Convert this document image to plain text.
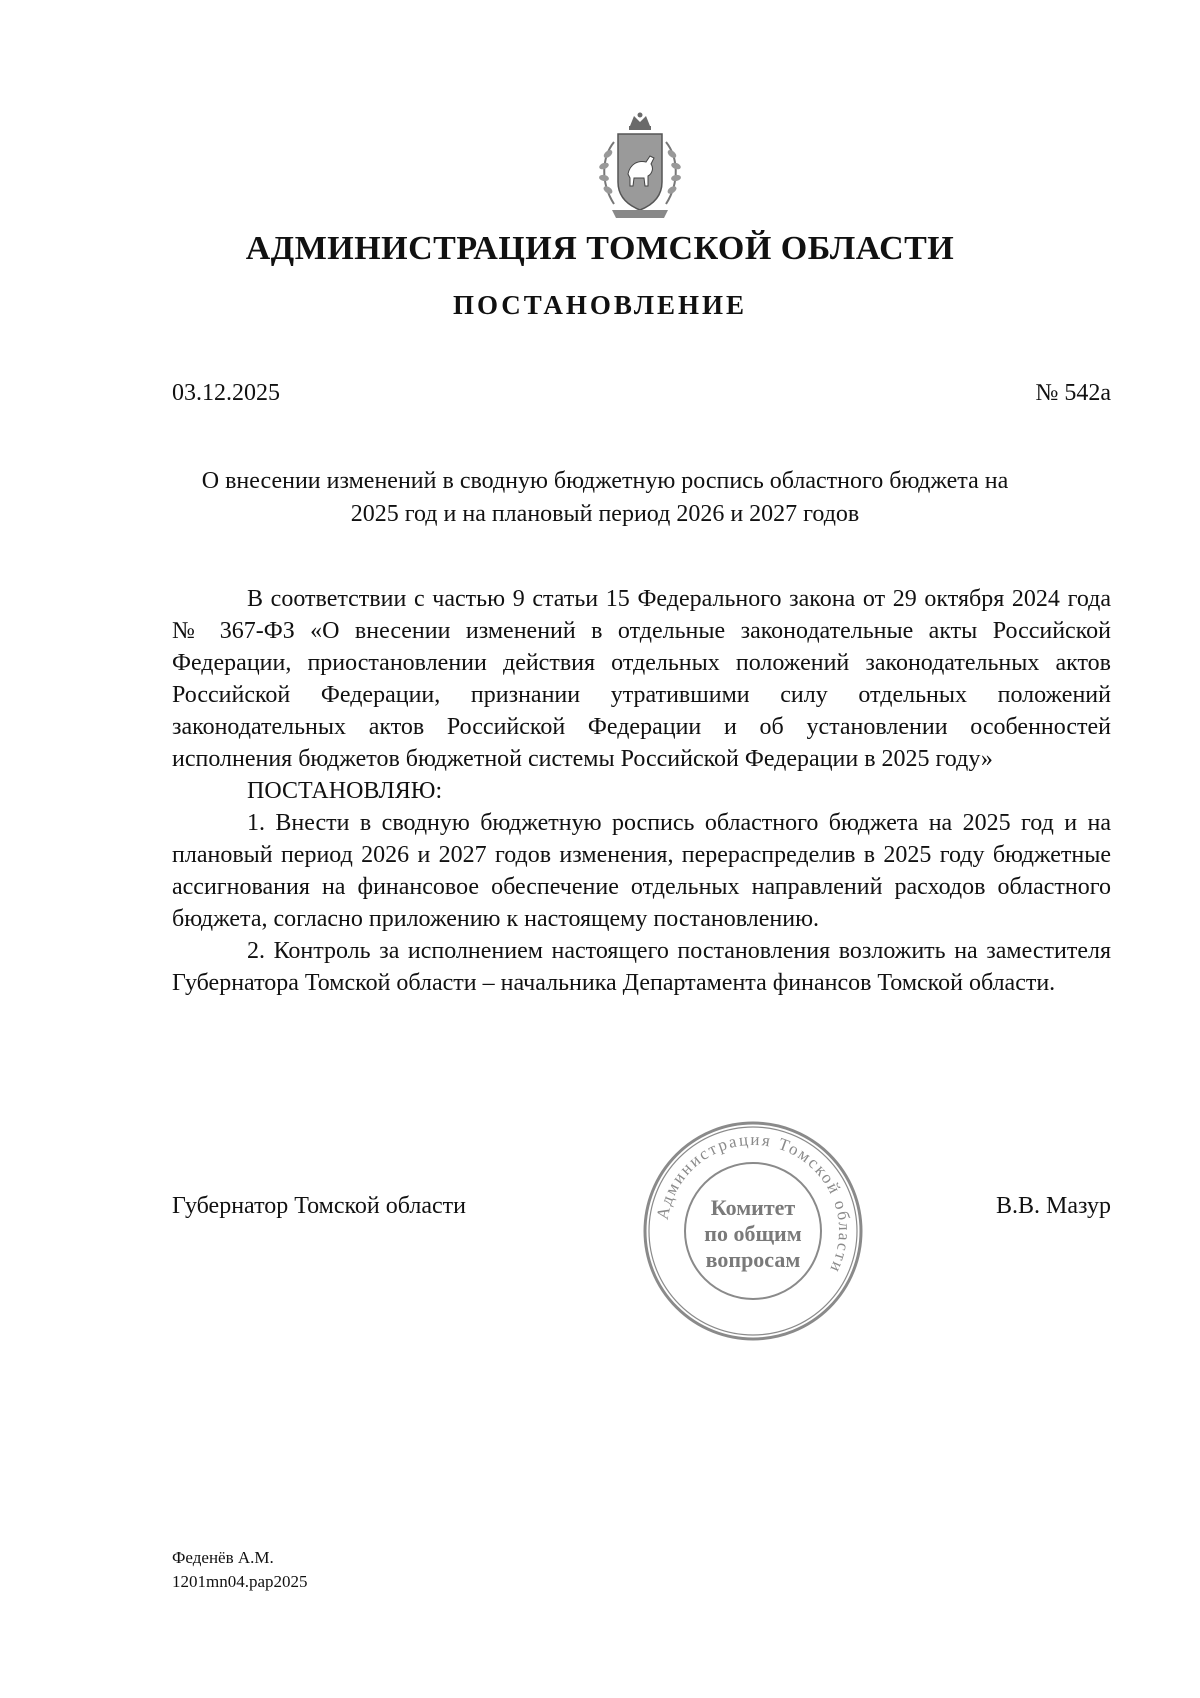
АДМИНИСТРАЦИЯ ТОМСКОЙ ОБЛАСТИ
ПОСТАНОВЛЕНИЕ
03.12.2025	№ 542а
О внесении изменений в сводную бюджетную роспись областного бюджета на 2025 год и на плановый период 2026 и 2027 годов

В соответствии с частью 9 статьи 15 Федерального закона от 29 октября 2024 года № 367-ФЗ «О внесении изменений в отдельные законодательные акты Российской Федерации, приостановлении действия отдельных положений законодательных актов Российской Федерации, признании утратившими силу отдельных положений законодательных актов Российской Федерации и об установлении особенностей исполнения бюджетов бюджетной системы Российской Федерации в 2025 году»

ПОСТАНОВЛЯЮ:

1. Внести в сводную бюджетную роспись областного бюджета на 2025 год и на плановый период 2026 и 2027 годов изменения, перераспределив в 2025 году бюджетные ассигнования на финансовое обеспечение отдельных направлений расходов областного бюджета, согласно приложению к настоящему постановлению.

2. Контроль за исполнением настоящего постановления возложить на заместителя Губернатора Томской области – начальника Департамента финансов Томской области.

Губернатор Томской области	В.В. Мазур
Администрация Томской области
Комитет
по общим
вопросам
Феденёв А.М.
1201mn04.pap2025
